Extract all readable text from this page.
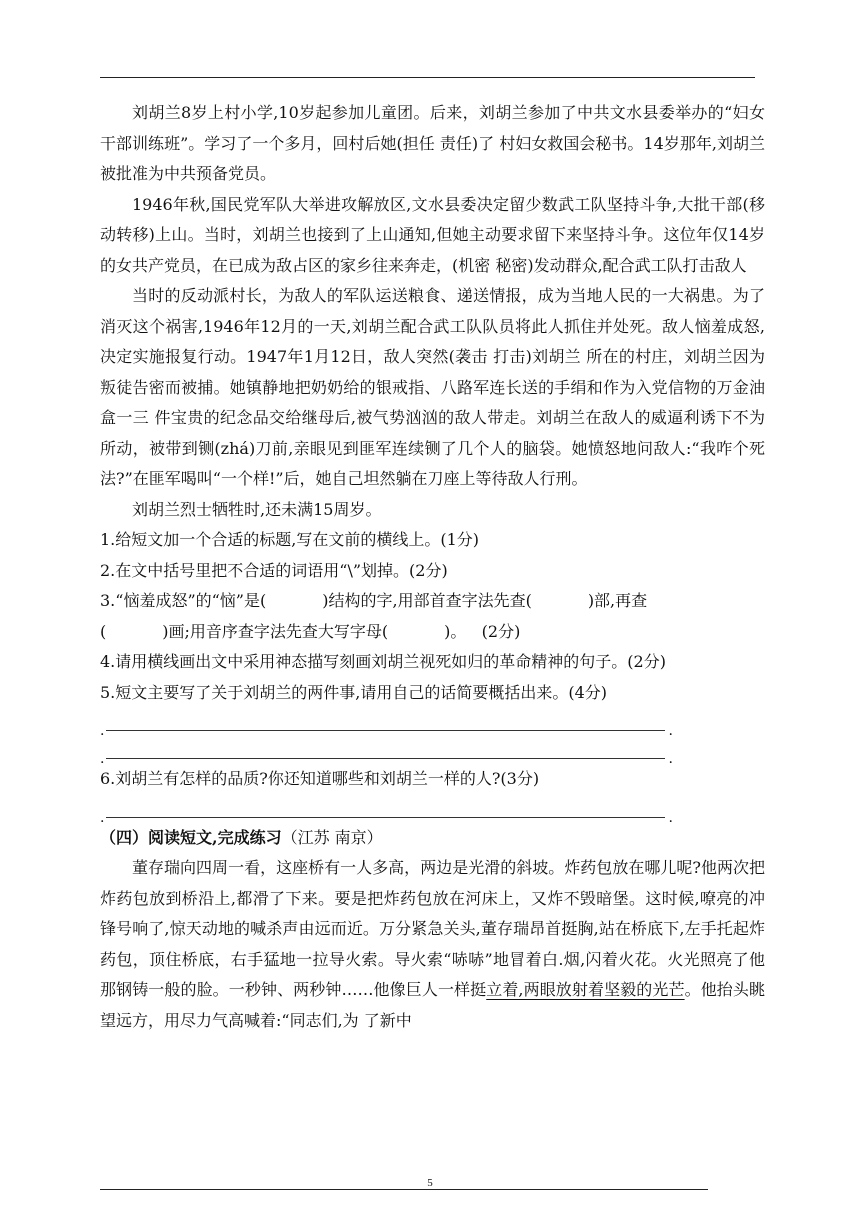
刘胡兰8岁上村小学,10岁起参加儿童团。后来，刘胡兰参加了中共文水县委举办的“妇女干部训练班”。学习了一个多月，回村后她(担任 责任)了 村妇女救国会秘书。14岁那年,刘胡兰被批准为中共预备党员。

1946年秋,国民党军队大举进攻解放区,文水县委决定留少数武工队坚持斗争,大批干部(移动转移)上山。当时，刘胡兰也接到了上山通知,但她主动要求留下来坚持斗争。这位年仅14岁的女共产党员，在已成为敌占区的家乡往来奔走，(机密 秘密)发动群众,配合武工队打击敌人

当时的反动派村长，为敌人的军队运送粮食、递送情报，成为当地人民的一大祸患。为了消灭这个祸害,1946年12月的一天,刘胡兰配合武工队队员将此人抓住并处死。敌人恼羞成怒,决定实施报复行动。1947年1月12日，敌人突然(袭击 打击)刘胡兰 所在的村庄，刘胡兰因为叛徒告密而被捕。她镇静地把奶奶给的银戒指、八路军连长送的手绢和作为入党信物的万金油盒一三 件宝贵的纪念品交给继母后,被气势汹汹的敌人带走。刘胡兰在敌人的威逼利诱下不为所动，被带到铡(zhá)刀前,亲眼见到匪军连续铡了几个人的脑袋。她愤怒地问敌人:“我咋个死法?”在匪军喝叫“一个样!”后，她自己坦然躺在刀座上等待敌人行刑。

刘胡兰烈士牺牲时,还未满15周岁。

1.给短文加一个合适的标题,写在文前的横线上。(1分)

2.在文中括号里把不合适的词语用“\”划掉。(2分)

3.“恼羞成怒”的“恼”是(	)结构的字,用部首查字法先查(	)部,再查
(	)画;用音序查字法先查大写字母(	)。 (2分)

4.请用横线画出文中采用神态描写刻画刘胡兰视死如归的革命精神的句子。(2分)

5.短文主要写了关于刘胡兰的两件事,请用自己的话简要概括出来。(4分)

.	.
.	.

6.刘胡兰有怎样的品质?你还知道哪些和刘胡兰一样的人?(3分)

.	.

（四）阅读短文,完成练习（江苏 南京）

董存瑞向四周一看，这座桥有一人多高，两边是光滑的斜坡。炸药包放在哪儿呢?他两次把炸药包放到桥沿上,都滑了下来。要是把炸药包放在河床上，又炸不毁暗堡。这时候,嘹亮的冲锋号响了,惊天动地的喊杀声由远而近。万分紧急关头,董存瑞昂首挺胸,站在桥底下,左手托起炸药包，顶住桥底，右手猛地一拉导火索。导火索“哧哧”地冒着白.烟,闪着火花。火光照亮了他那钢铸一般的脸。一秒钟、两秒钟……他像巨人一样挺立着,两眼放射着坚毅的光芒。他抬头眺望远方，用尽力气高喊着:“同志们,为 了新中

5
